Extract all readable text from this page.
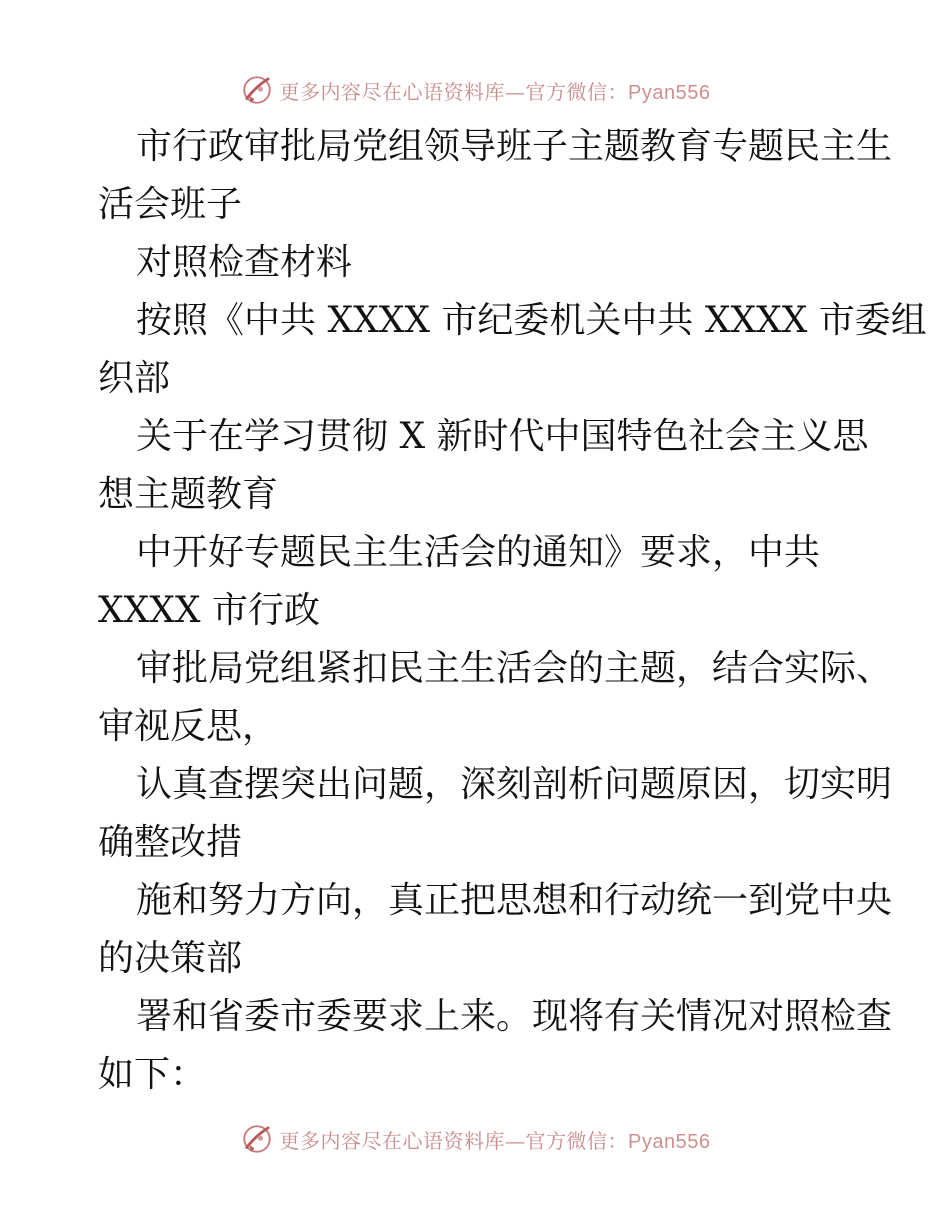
更多内容尽在心语资料库—官方微信：Pyan556
市行政审批局党组领导班子主题教育专题民主生
活会班子
对照检查材料
按照《中共 XXXX 市纪委机关中共 XXXX 市委组
织部
关于在学习贯彻 X 新时代中国特色社会主义思
想主题教育
中开好专题民主生活会的通知》要求，中共
XXXX 市行政
审批局党组紧扣民主生活会的主题，结合实际、
审视反思，
认真查摆突出问题，深刻剖析问题原因，切实明
确整改措
施和努力方向，真正把思想和行动统一到党中央
的决策部
署和省委市委要求上来。现将有关情况对照检查
如下：
更多内容尽在心语资料库—官方微信：Pyan556
